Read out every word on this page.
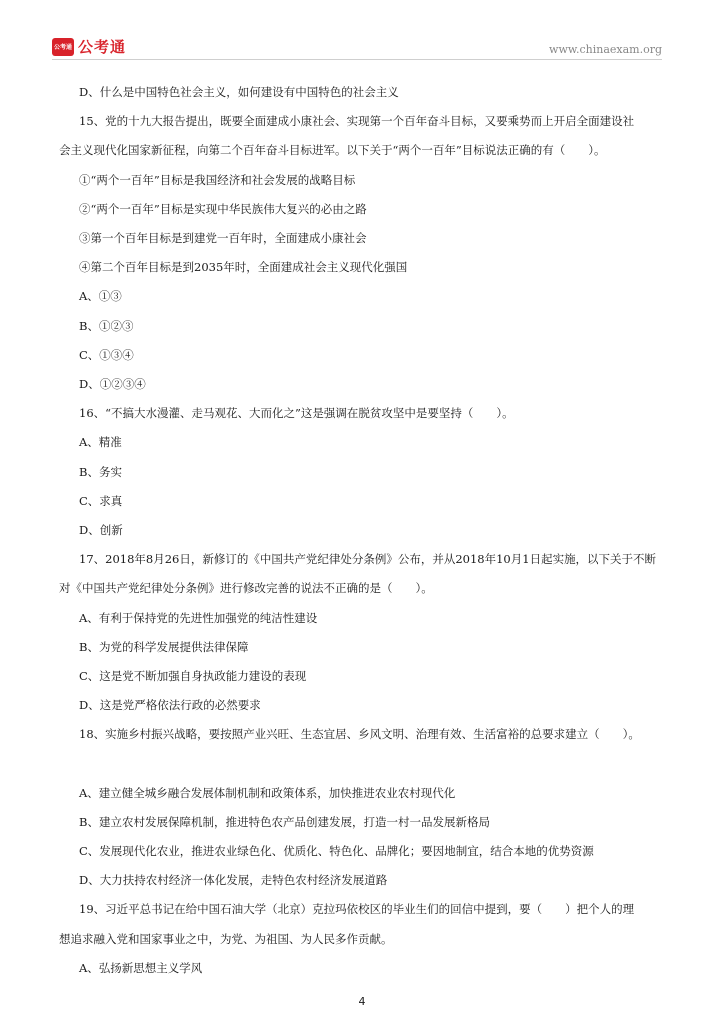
公考通 公考通	www.chinaexam.org
D、什么是中国特色社会主义，如何建设有中国特色的社会主义
15、党的十九大报告提出，既要全面建成小康社会、实现第一个百年奋斗目标，又要乘势而上开启全面建设社
会主义现代化国家新征程，向第二个百年奋斗目标进军。以下关于“两个一百年”目标说法正确的有（　　）。
①“两个一百年”目标是我国经济和社会发展的战略目标
②“两个一百年”目标是实现中华民族伟大复兴的必由之路
③第一个百年目标是到建党一百年时，全面建成小康社会
④第二个百年目标是到2035年时，全面建成社会主义现代化强国
A、①③
B、①②③
C、①③④
D、①②③④
16、“不搞大水漫灌、走马观花、大而化之”这是强调在脱贫攻坚中是要坚持（　　）。
A、精准
B、务实
C、求真
D、创新
17、2018年8月26日，新修订的《中国共产党纪律处分条例》公布，并从2018年10月1日起实施，以下关于不断
对《中国共产党纪律处分条例》进行修改完善的说法不正确的是（　　）。
A、有利于保持党的先进性加强党的纯洁性建设
B、为党的科学发展提供法律保障
C、这是党不断加强自身执政能力建设的表现
D、这是党严格依法行政的必然要求
18、实施乡村振兴战略，要按照产业兴旺、生态宜居、乡风文明、治理有效、生活富裕的总要求建立（　　）。
A、建立健全城乡融合发展体制机制和政策体系，加快推进农业农村现代化
B、建立农村发展保障机制，推进特色农产品创建发展，打造一村一品发展新格局
C、发展现代化农业，推进农业绿色化、优质化、特色化、品牌化；要因地制宜，结合本地的优势资源
D、大力扶持农村经济一体化发展，走特色农村经济发展道路
19、习近平总书记在给中国石油大学（北京）克拉玛依校区的毕业生们的回信中提到，要（　　）把个人的理
想追求融入党和国家事业之中，为党、为祖国、为人民多作贡献。
A、弘扬新思想主义学风
4
